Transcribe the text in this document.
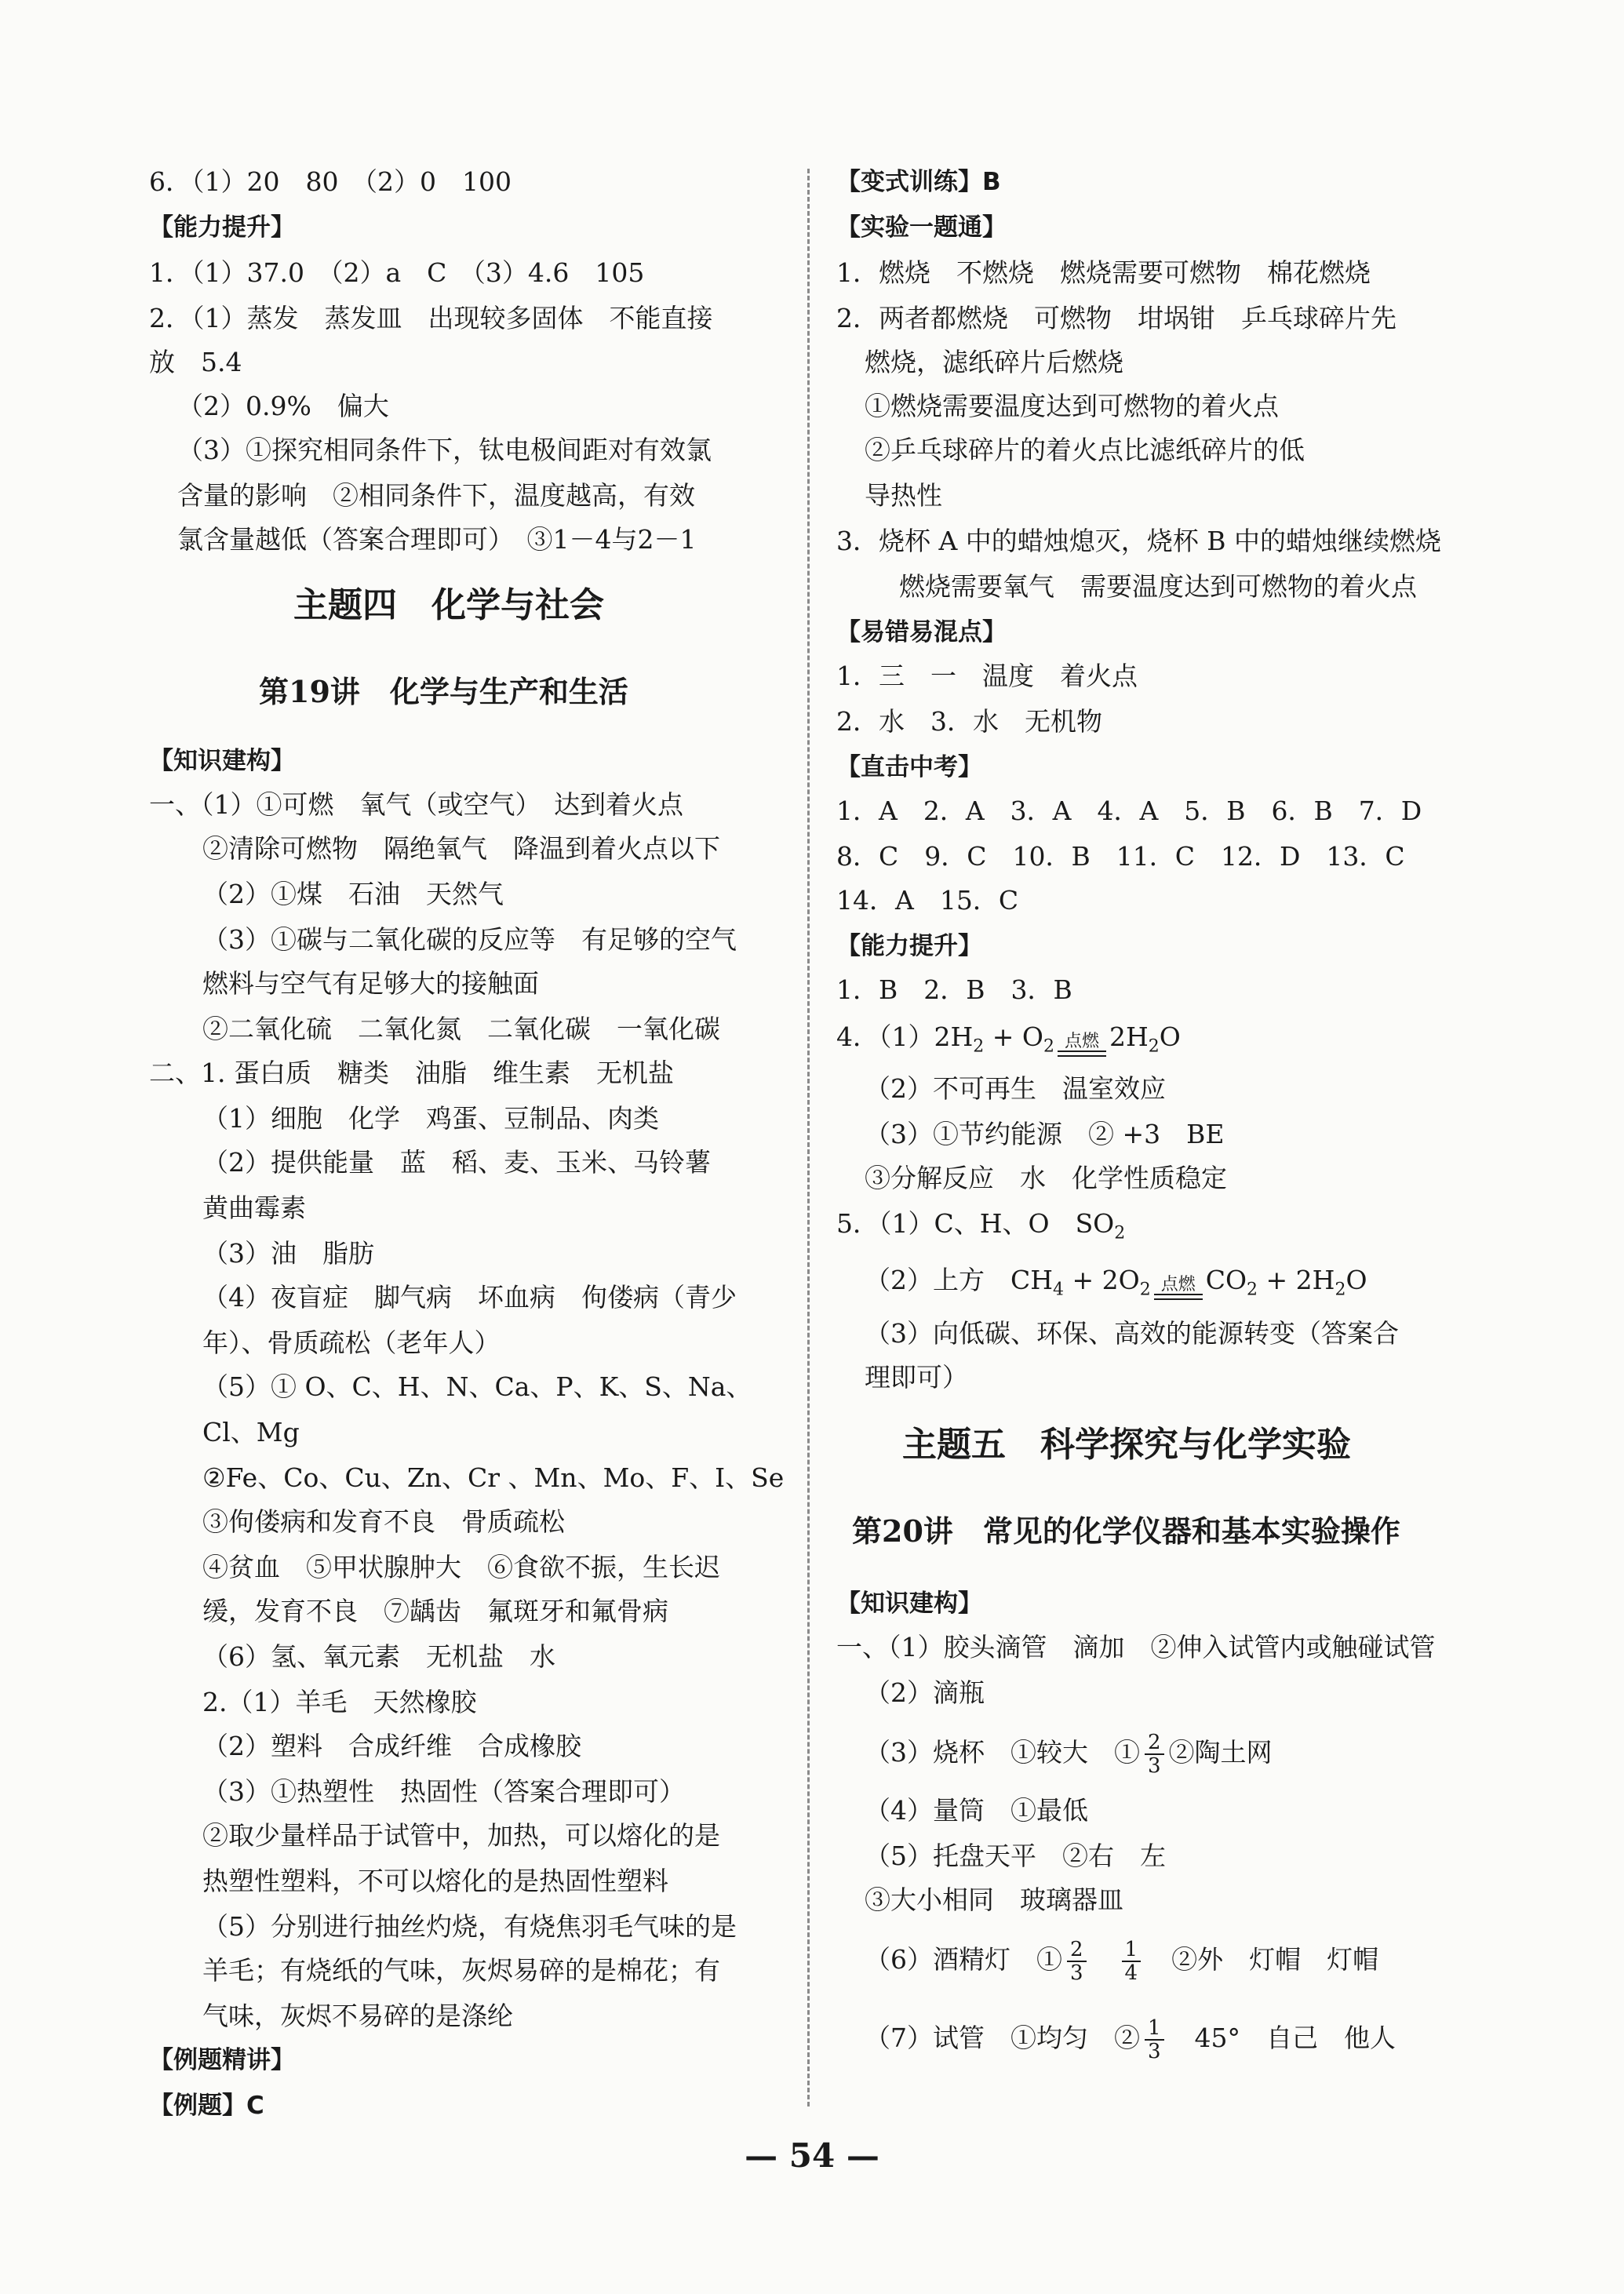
6．（1）20　80　（2）0　100
【能力提升】
1．（1）37.0　（2）a　C　（3）4.6　105
2．（1）蒸发　蒸发皿　出现较多固体　不能直接
放　5.4
（2）0.9%　偏大
（3）①探究相同条件下，钛电极间距对有效氯
含量的影响　②相同条件下，温度越高，有效
氯含量越低（答案合理即可）　③1－4与2－1
主题四　化学与社会
第19讲　化学与生产和生活
【知识建构】
一、（1）①可燃　氧气（或空气）　达到着火点
②清除可燃物　隔绝氧气　降温到着火点以下
（2）①煤　石油　天然气
（3）①碳与二氧化碳的反应等　有足够的空气
燃料与空气有足够大的接触面
②二氧化硫　二氧化氮　二氧化碳　一氧化碳
二、1. 蛋白质　糖类　油脂　维生素　无机盐
（1）细胞　化学　鸡蛋、豆制品、肉类
（2）提供能量　蓝　稻、麦、玉米、马铃薯
黄曲霉素
（3）油　脂肪
（4）夜盲症　脚气病　坏血病　佝偻病（青少
年）、骨质疏松（老年人）
（5）① O、C、H、N、Ca、P、K、S、Na、
Cl、Mg
②Fe、Co、Cu、Zn、Cr 、Mn、Mo、F、I、Se
③佝偻病和发育不良　骨质疏松
④贫血　⑤甲状腺肿大　⑥食欲不振，生长迟
缓，发育不良　⑦龋齿　氟斑牙和氟骨病
（6）氢、氧元素　无机盐　水
2.（1）羊毛　天然橡胶
（2）塑料　合成纤维　合成橡胶
（3）①热塑性　热固性（答案合理即可）
②取少量样品于试管中，加热，可以熔化的是
热塑性塑料，不可以熔化的是热固性塑料
（5）分别进行抽丝灼烧，有烧焦羽毛气味的是
羊毛；有烧纸的气味，灰烬易碎的是棉花；有
气味，灰烬不易碎的是涤纶
【例题精讲】
【例题】C
【变式训练】B
【实验一题通】
1．燃烧　不燃烧　燃烧需要可燃物　棉花燃烧
2．两者都燃烧　可燃物　坩埚钳　乒乓球碎片先
燃烧，滤纸碎片后燃烧
①燃烧需要温度达到可燃物的着火点
②乒乓球碎片的着火点比滤纸碎片的低
导热性
3．烧杯 A 中的蜡烛熄灭，烧杯 B 中的蜡烛继续燃烧
燃烧需要氧气　需要温度达到可燃物的着火点
【易错易混点】
1．三　一　温度　着火点
2．水　3．水　无机物
【直击中考】
1．A　2．A　3．A　4．A　5．B　6．B　7．D
8．C　9．C　10．B　11．C　12．D　13．C
14．A　15．C
【能力提升】
1．B　2．B　3．B
4．$(1)2H_2 + O_2$ 点燃 $2H_2O$
（2）不可再生　温室效应
（3）①节约能源　② +3　BE
③分解反应　水　化学性质稳定
5．（1）C、H、O　$SO_2$
（2）上方　$CH_4 + 2O_2$ 点燃 $CO_2 + 2H_2O$
（3）向低碳、环保、高效的能源转变（答案合
理即可）
主题五　科学探究与化学实验
第20讲　常见的化学仪器和基本实验操作
【知识建构】
一、（1）胶头滴管　滴加　②伸入试管内或触碰试管
（2）滴瓶
（3）烧杯　①较大　① $\frac{2}{3}$ ②陶土网
（4）量筒　①最低
（5）托盘天平　②右　左
③大小相同　玻璃器皿
（6）酒精灯　① $\frac{2}{3}$
　 $\frac{1}{4}$
　 ②外　灯帽　灯帽
（7）试管　①均匀　② $\frac{1}{3}$
　 45°　自己　他人
— 54 —
